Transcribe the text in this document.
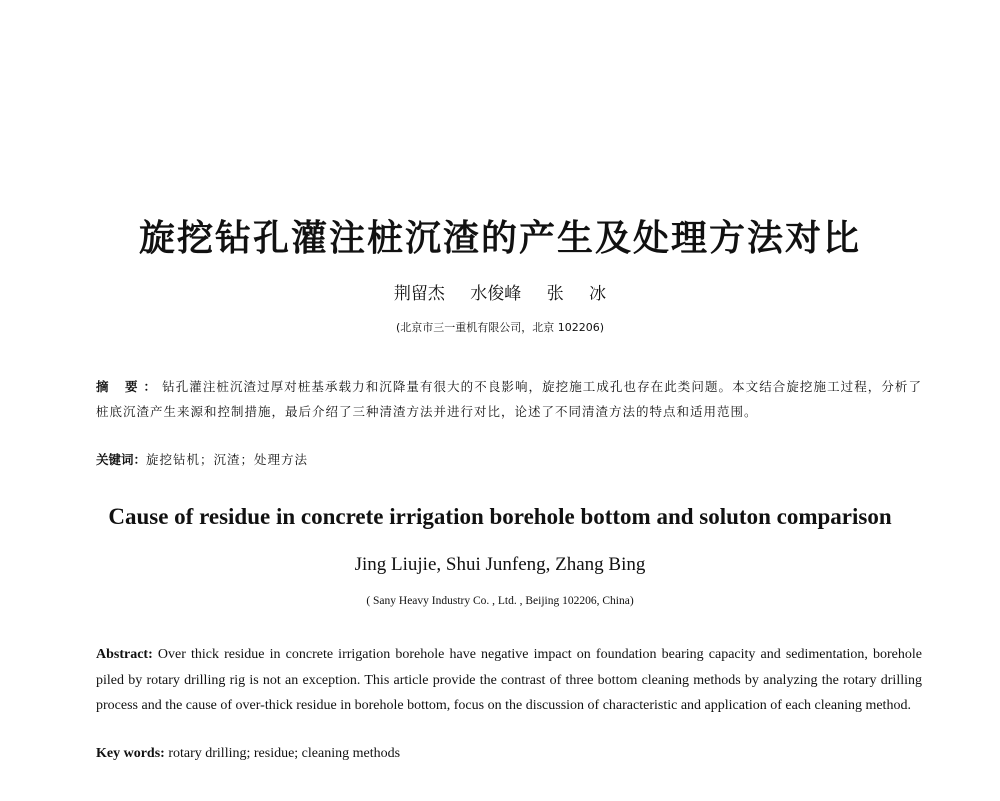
旋挖钻孔灌注桩沉渣的产生及处理方法对比
荆留杰 水俊峰 张 冰
(北京市三一重机有限公司，北京 102206)
摘 要：钻孔灌注桩沉渣过厚对桩基承载力和沉降量有很大的不良影响，旋挖施工成孔也存在此类问题。本文结合旋挖施工过程，分析了桩底沉渣产生来源和控制措施，最后介绍了三种清渣方法并进行对比，论述了不同清渣方法的特点和适用范围。
关键词：旋挖钻机；沉渣；处理方法
Cause of residue in concrete irrigation borehole bottom and soluton comparison
Jing Liujie, Shui Junfeng, Zhang Bing
( Sany Heavy Industry Co. , Ltd. , Beijing 102206, China)
Abstract: Over thick residue in concrete irrigation borehole have negative impact on foundation bearing capacity and sedimentation, borehole piled by rotary drilling rig is not an exception. This article provide the contrast of three bottom cleaning methods by analyzing the rotary drilling process and the cause of over-thick residue in borehole bottom, focus on the discussion of characteristic and application of each cleaning method.
Key words: rotary drilling; residue; cleaning methods
